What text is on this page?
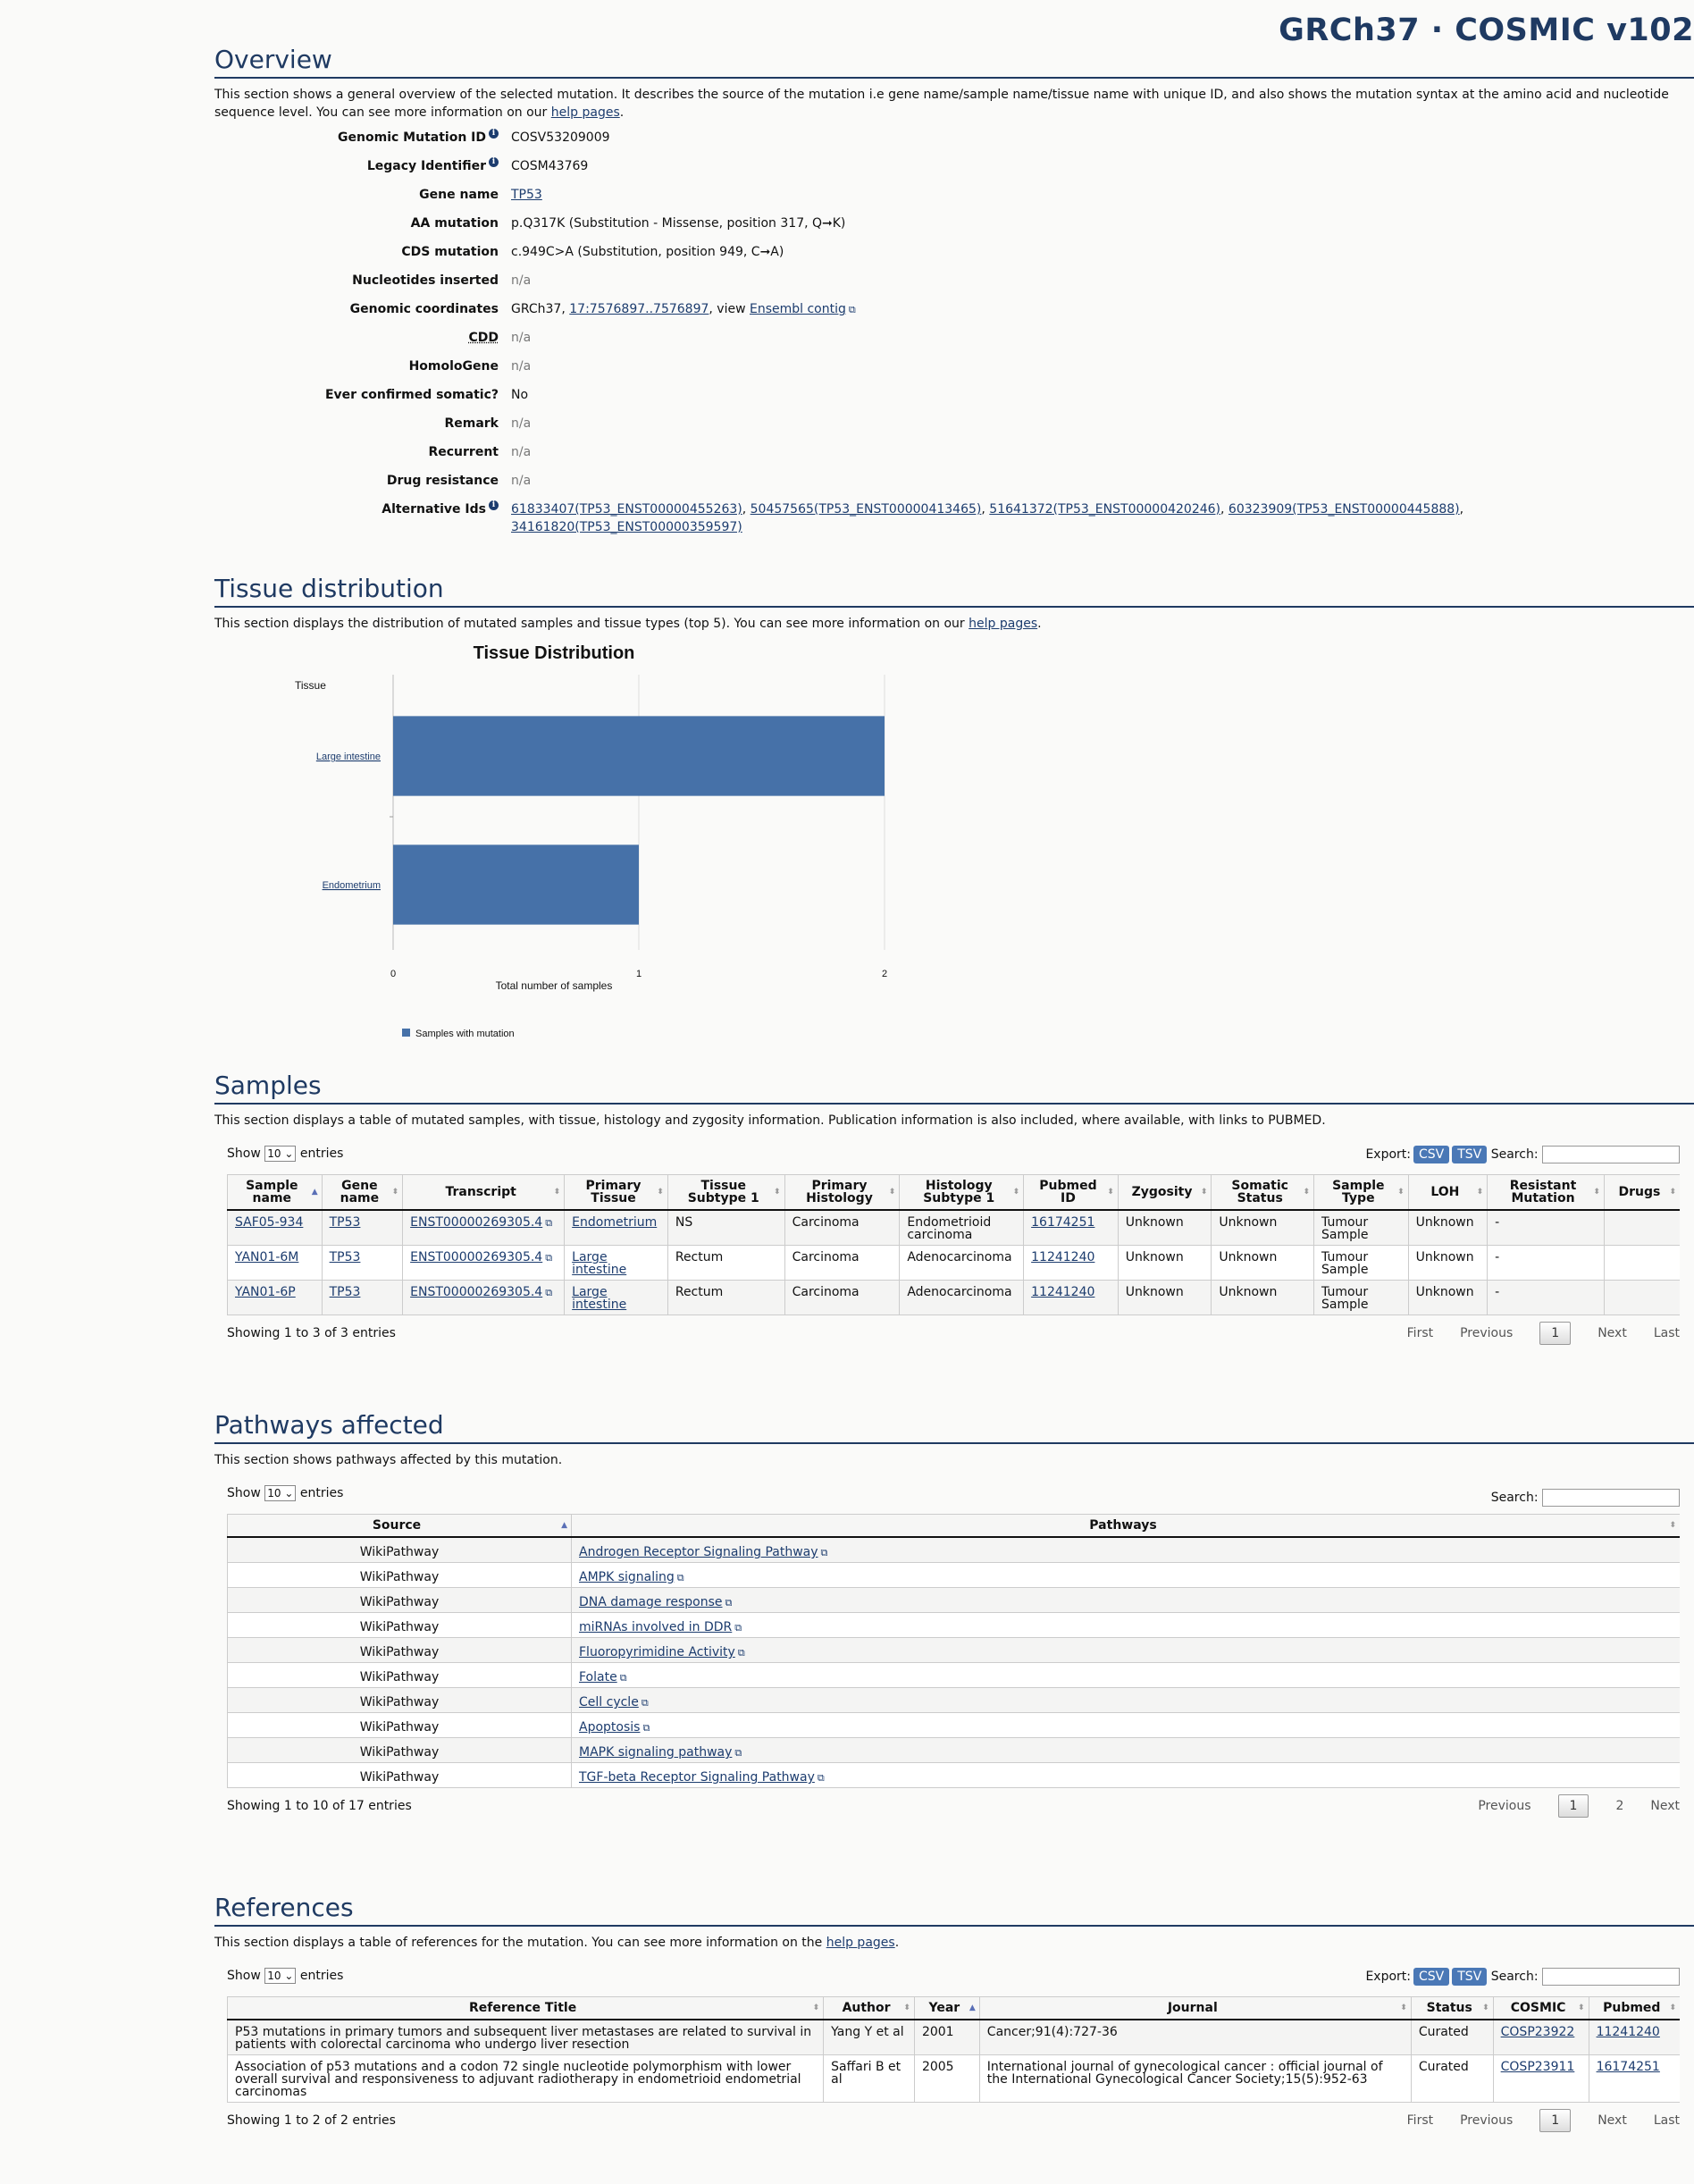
GRCh37 · COSMIC v102
Overview

This section shows a general overview of the selected mutation. It describes the source of the mutation i.e gene name/sample name/tissue name with unique ID, and also shows the mutation syntax at the amino acid and nucleotide sequence level. You can see more information on our help pages.

Genomic Mutation ID i	COSV53209009
Legacy Identifier i	COSM43769
Gene name	TP53
AA mutation	p.Q317K (Substitution - Missense, position 317, Q➞K)
CDS mutation	c.949C>A (Substitution, position 949, C➞A)
Nucleotides inserted	n/a
Genomic coordinates	GRCh37, 17:7576897..7576897, view Ensembl contig ⧉
CDD	n/a
HomoloGene	n/a
Ever confirmed somatic?	No
Remark	n/a
Recurrent	n/a
Drug resistance	n/a
Alternative Ids i	61833407(TP53_ENST00000455263), 50457565(TP53_ENST00000413465), 51641372(TP53_ENST00000420246), 60323909(TP53_ENST00000445888), 34161820(TP53_ENST00000359597)
Tissue distribution

This section displays the distribution of mutated samples and tissue types (top 5). You can see more information on our help pages.

Tissue Distribution
Tissue
0	1	2
Large intestine
Endometrium
Total number of samples
Samples with mutation
Samples

This section displays a table of mutated samples, with tissue, histology and zygosity information. Publication information is also included, where available, with links to PUBMED.

Show 10 ⌄ entries	Export: CSV TSV Search:
Sample name ▲	Gene name ⬍	Transcript ⬍	Primary Tissue ⬍	Tissue Subtype 1 ⬍	Primary Histology ⬍	Histology Subtype 1 ⬍	Pubmed ID ⬍	Zygosity ⬍	Somatic Status ⬍	Sample Type ⬍	LOH ⬍	Resistant Mutation ⬍	Drugs ⬍

SAF05-934	TP53	ENST00000269305.4 ⧉	Endometrium	NS	Carcinoma	Endometrioid carcinoma	16174251	Unknown	Unknown	Tumour Sample	Unknown	-	
YAN01-6M	TP53	ENST00000269305.4 ⧉	Large intestine	Rectum	Carcinoma	Adenocarcinoma	11241240	Unknown	Unknown	Tumour Sample	Unknown	-	
YAN01-6P	TP53	ENST00000269305.4 ⧉	Large intestine	Rectum	Carcinoma	Adenocarcinoma	11241240	Unknown	Unknown	Tumour Sample	Unknown	-	
Showing 1 to 3 of 3 entries	First Previous	1	Next Last
Pathways affected

This section shows pathways affected by this mutation.

Show 10 ⌄ entries	Search:
Source ▲	Pathways ⬍

WikiPathway	Androgen Receptor Signaling Pathway ⧉
WikiPathway	AMPK signaling ⧉
WikiPathway	DNA damage response ⧉
WikiPathway	miRNAs involved in DDR ⧉
WikiPathway	Fluoropyrimidine Activity ⧉
WikiPathway	Folate ⧉
WikiPathway	Cell cycle ⧉
WikiPathway	Apoptosis ⧉
WikiPathway	MAPK signaling pathway ⧉
WikiPathway	TGF-beta Receptor Signaling Pathway ⧉
Showing 1 to 10 of 17 entries	Previous	1	2 Next
References

This section displays a table of references for the mutation. You can see more information on the help pages.

Show 10 ⌄ entries	Export: CSV TSV Search:
Reference Title ⬍	Author ⬍	Year ▲	Journal ⬍	Status ⬍	COSMIC ⬍	Pubmed ⬍

P53 mutations in primary tumors and subsequent liver metastases are related to survival in patients with colorectal carcinoma who undergo liver resection	Yang Y et al	2001	Cancer;91(4):727-36	Curated	COSP23922	11241240
Association of p53 mutations and a codon 72 single nucleotide polymorphism with lower overall survival and responsiveness to adjuvant radiotherapy in endometrioid endometrial carcinomas	Saffari B et al	2005	International journal of gynecological cancer : official journal of the International Gynecological Cancer Society;15(5):952-63	Curated	COSP23911	16174251
Showing 1 to 2 of 2 entries	First Previous	1	Next Last
